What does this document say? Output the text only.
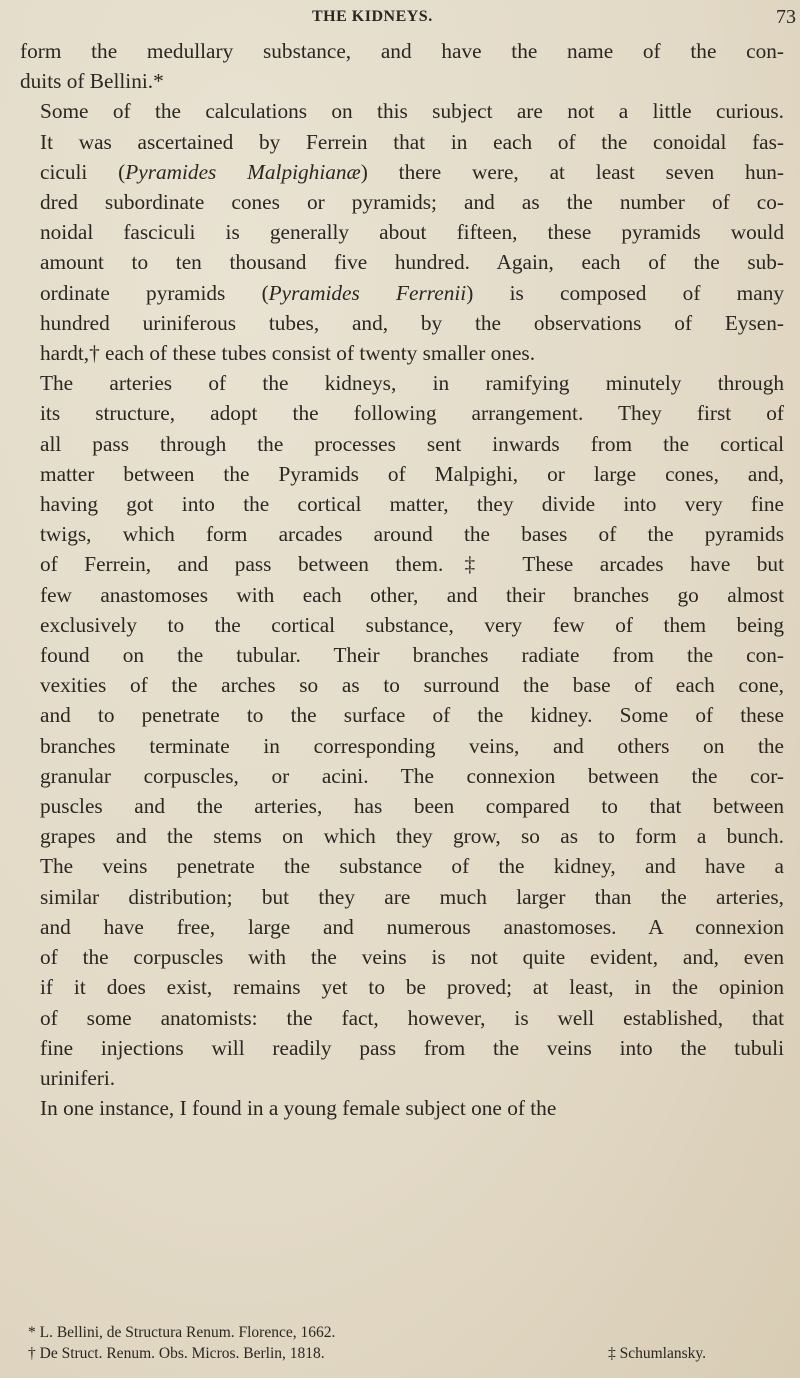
THE KIDNEYS.	73

form the medullary substance, and have the name of the con-
duits of Bellini.*

Some of the calculations on this subject are not a little curious.
It was ascertained by Ferrein that in each of the conoidal fas-
ciculi (Pyramides Malpighianæ) there were, at least seven hun-
dred subordinate cones or pyramids; and as the number of co-
noidal fasciculi is generally about fifteen, these pyramids would
amount to ten thousand five hundred. Again, each of the sub-
ordinate pyramids (Pyramides Ferrenii) is composed of many
hundred uriniferous tubes, and, by the observations of Eysen-
hardt,† each of these tubes consist of twenty smaller ones.

The arteries of the kidneys, in ramifying minutely through
its structure, adopt the following arrangement. They first of
all pass through the processes sent inwards from the cortical
matter between the Pyramids of Malpighi, or large cones, and,
having got into the cortical matter, they divide into very fine
twigs, which form arcades around the bases of the pyramids
of Ferrein, and pass between them.‡ These arcades have but
few anastomoses with each other, and their branches go almost
exclusively to the cortical substance, very few of them being
found on the tubular. Their branches radiate from the con-
vexities of the arches so as to surround the base of each cone,
and to penetrate to the surface of the kidney. Some of these
branches terminate in corresponding veins, and others on the
granular corpuscles, or acini. The connexion between the cor-
puscles and the arteries, has been compared to that between
grapes and the stems on which they grow, so as to form a bunch.
The veins penetrate the substance of the kidney, and have a
similar distribution; but they are much larger than the arteries,
and have free, large and numerous anastomoses. A connexion
of the corpuscles with the veins is not quite evident, and, even
if it does exist, remains yet to be proved; at least, in the opinion
of some anatomists: the fact, however, is well established, that
fine injections will readily pass from the veins into the tubuli
uriniferi.

In one instance, I found in a young female subject one of the

* L. Bellini, de Structura Renum. Florence, 1662.
† De Struct. Renum. Obs. Micros. Berlin, 1818.	‡ Schumlansky.
